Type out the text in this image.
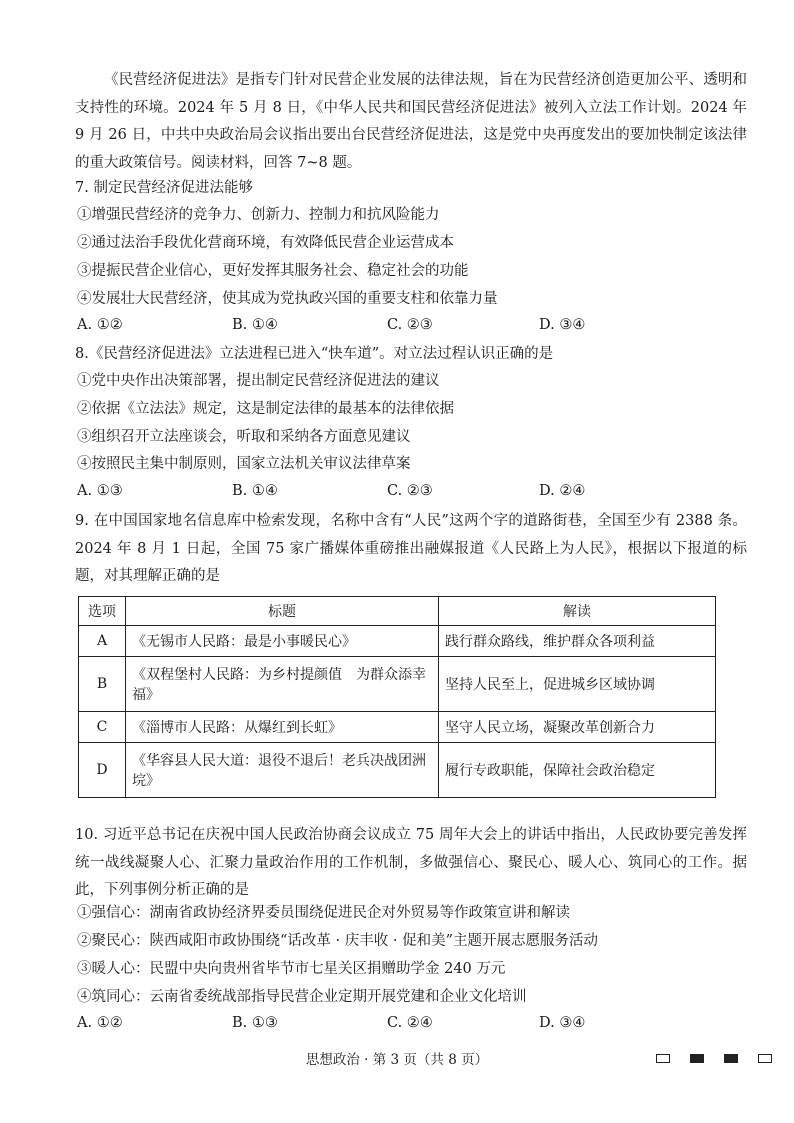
《民营经济促进法》是指专门针对民营企业发展的法律法规，旨在为民营经济创造更加公平、透明和支持性的环境。2024 年 5 月 8 日，《中华人民共和国民营经济促进法》被列入立法工作计划。2024 年 9 月 26 日，中共中央政治局会议指出要出台民营经济促进法，这是党中央再度发出的要加快制定该法律的重大政策信号。阅读材料，回答 7~8 题。

7. 制定民营经济促进法能够

①增强民营经济的竞争力、创新力、控制力和抗风险能力

②通过法治手段优化营商环境，有效降低民营企业运营成本

③提振民营企业信心，更好发挥其服务社会、稳定社会的功能

④发展壮大民营经济，使其成为党执政兴国的重要支柱和依靠力量

A. ①②	B. ①④	C. ②③	D. ③④

8.《民营经济促进法》立法进程已进入“快车道”。对立法过程认识正确的是

①党中央作出决策部署，提出制定民营经济促进法的建议

②依据《立法法》规定，这是制定法律的最基本的法律依据

③组织召开立法座谈会，听取和采纳各方面意见建议

④按照民主集中制原则，国家立法机关审议法律草案

A. ①③	B. ①④	C. ②③	D. ②④

9. 在中国国家地名信息库中检索发现，名称中含有“人民”这两个字的道路街巷，全国至少有 2388 条。2024 年 8 月 1 日起，全国 75 家广播媒体重磅推出融媒报道《人民路上为人民》，根据以下报道的标题，对其理解正确的是

选项	标题	解读
A	《无锡市人民路：最是小事暖民心》	践行群众路线，维护群众各项利益
B	《双程堡村人民路：为乡村提颜值　为群众添幸福》	坚持人民至上，促进城乡区域协调
C	《淄博市人民路：从爆红到长虹》	坚守人民立场，凝聚改革创新合力
D	《华容县人民大道：退役不退后！老兵决战团洲垸》	履行专政职能，保障社会政治稳定

10. 习近平总书记在庆祝中国人民政治协商会议成立 75 周年大会上的讲话中指出，人民政协要完善发挥统一战线凝聚人心、汇聚力量政治作用的工作机制，多做强信心、聚民心、暖人心、筑同心的工作。据此，下列事例分析正确的是

①强信心：湖南省政协经济界委员围绕促进民企对外贸易等作政策宣讲和解读

②聚民心：陕西咸阳市政协围绕“话改革 · 庆丰收 · 促和美”主题开展志愿服务活动

③暖人心：民盟中央向贵州省毕节市七星关区捐赠助学金 240 万元

④筑同心：云南省委统战部指导民营企业定期开展党建和企业文化培训

A. ①②	B. ①③	C. ②④	D. ③④
思想政治 · 第 3 页（共 8 页）
